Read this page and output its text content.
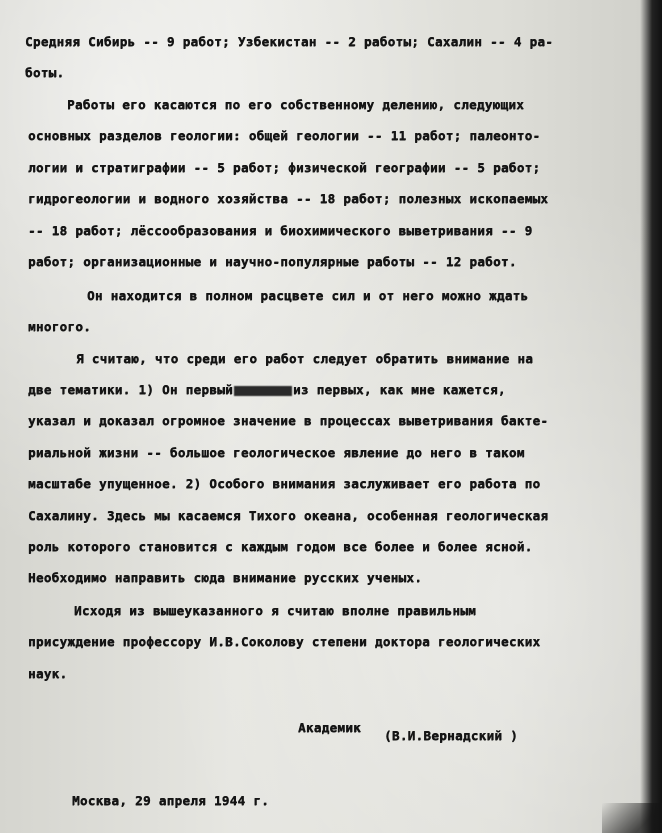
Средняя Сибирь -- 9 работ; Узбекистан -- 2 работы; Сахалин -- 4 ра-
боты.
Работы его касаются по его собственному делению, следующих
основных разделов геологии: общей геологии -- 11 работ; палеонто-
логии и стратиграфии -- 5 работ; физической географии -- 5 работ;
гидрогеологии и водного хозяйства -- 18 работ; полезных ископаемых
-- 18 работ; лёссообразования и биохимического выветривания -- 9
работ; организационные и научно-популярные работы -- 12 работ.
Он находится в полном расцвете сил и от него можно ждать
многого.
Я считаю, что среди его работ следует обратить внимание на
две тематики. 1) Он первый	из первых, как мне кажется,
указал и доказал огромное значение в процессах выветривания бакте-
риальной жизни -- большое геологическое явление до него в таком
масштабе упущенное. 2) Особого внимания заслуживает его работа по
Сахалину. Здесь мы касаемся Тихого океана, особенная геологическая
роль которого становится с каждым годом все более и более ясной.
Необходимо направить сюда внимание русских ученых.
Исходя из вышеуказанного я считаю вполне правильным
присуждение профессору И.В.Соколову степени доктора геологических
наук.
Академик
(В.И.Вернадский )
Москва, 29 апреля 1944 г.
